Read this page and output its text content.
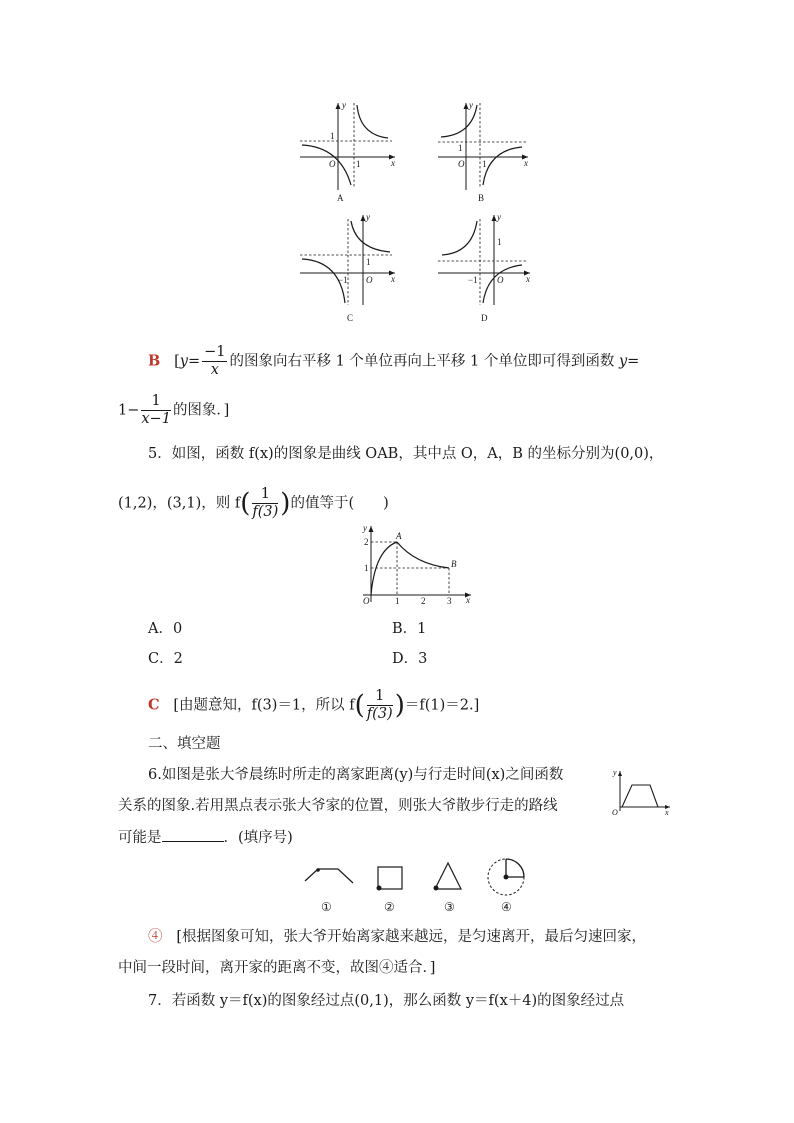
y
x
O
1
1
A
y
x
O
1
1
B
y
x
O
1
−1
C
y
x
O
1
−1
D
B [$y= \frac{-1}{x}$ 的图象向右平移 1 个单位再向上平移 1 个单位即可得到函数 y=
$1- \frac{1}{x-1}$ 的图象．]
5．如图，函数 f(x)的图象是曲线 OAB，其中点 O，A，B 的坐标分别为(0,0)，
(1,2)，(3,1)，则 $f( \frac{1}{f(3)}$ )的值等于(　　)
y
x
O
A
B
1
2
1 2 3
A．0	B．1
C．2	D．3
C [由题意知，f(3)＝1，所以 $f( \frac{1}{f(3)} )=f(1)=2$.]
二、填空题
6.如图是张大爷晨练时所走的离家距离(y)与行走时间(x)之间函数
关系的图象.若用黑点表示张大爷家的位置，则张大爷散步行走的路线
可能是	．(填序号)
y
x
O
①	②	③	④
④ [根据图象可知，张大爷开始离家越来越远，是匀速离开，最后匀速回家，
中间一段时间，离开家的距离不变，故图④适合．]
7．若函数 y＝f(x)的图象经过点(0,1)，那么函数 y＝f(x＋4)的图象经过点
